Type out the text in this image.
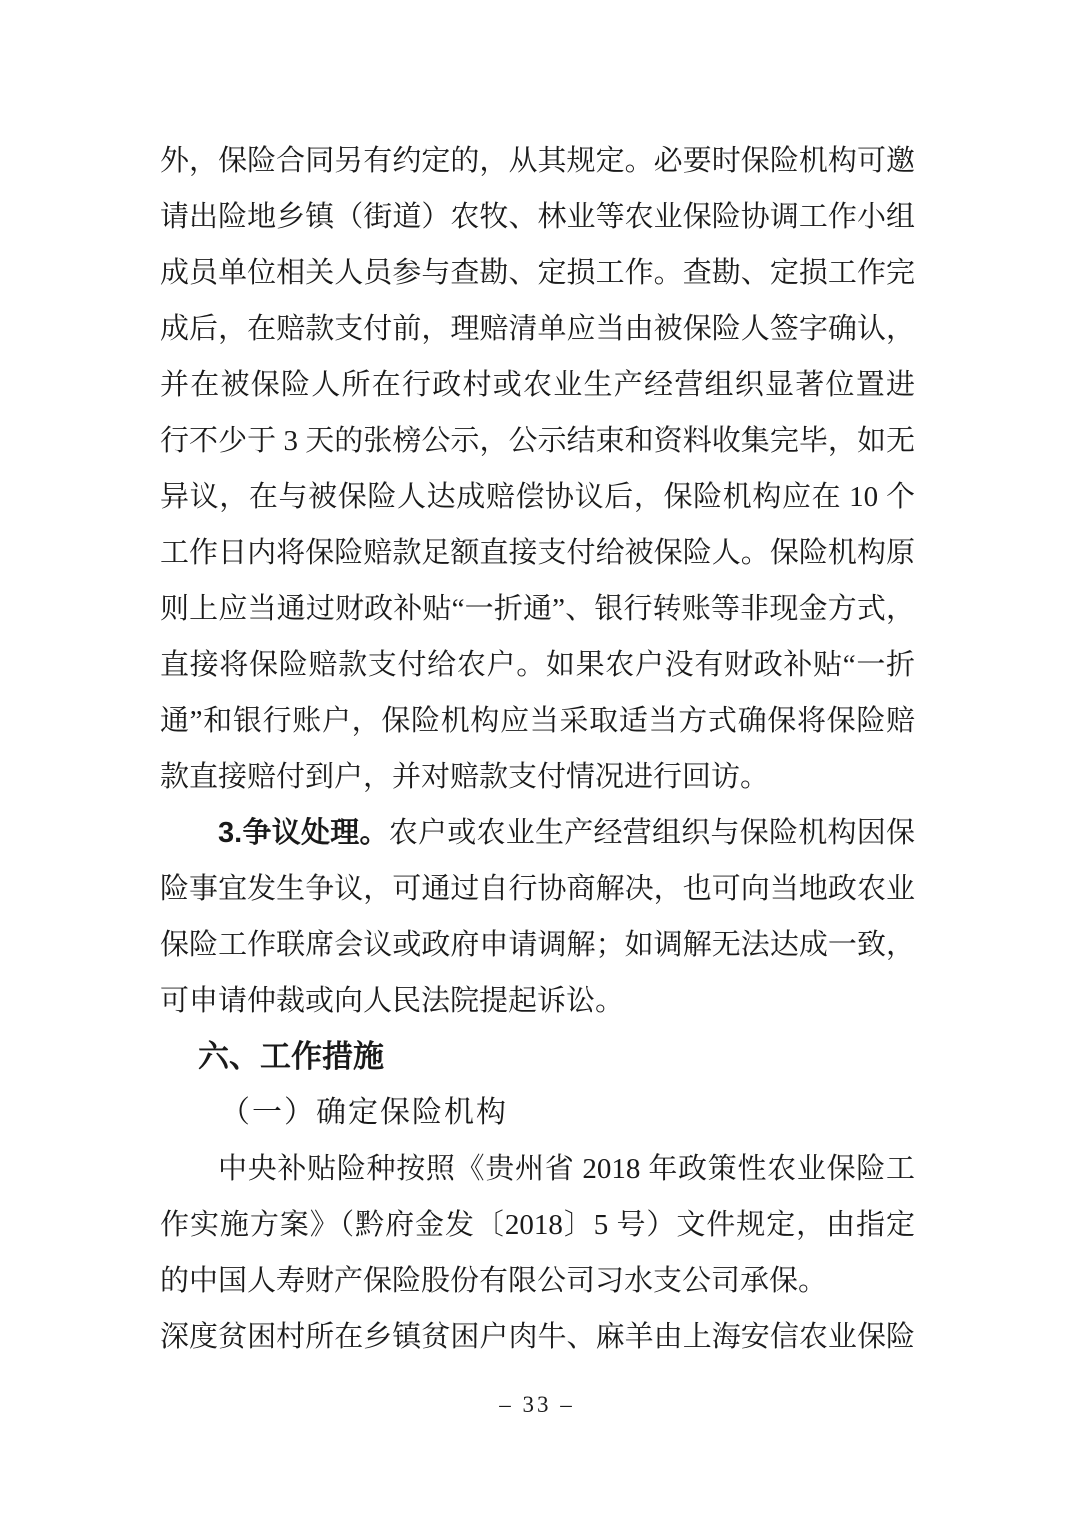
外，保险合同另有约定的，从其规定。必要时保险机构可邀
请出险地乡镇（街道）农牧、林业等农业保险协调工作小组
成员单位相关人员参与查勘、定损工作。查勘、定损工作完
成后，在赔款支付前，理赔清单应当由被保险人签字确认，
并在被保险人所在行政村或农业生产经营组织显著位置进
行不少于 3 天的张榜公示，公示结束和资料收集完毕，如无
异议，在与被保险人达成赔偿协议后，保险机构应在 10 个
工作日内将保险赔款足额直接支付给被保险人。保险机构原
则上应当通过财政补贴“一折通”、银行转账等非现金方式，
直接将保险赔款支付给农户。如果农户没有财政补贴“一折
通”和银行账户，保险机构应当采取适当方式确保将保险赔
款直接赔付到户，并对赔款支付情况进行回访。
3.争议处理。农户或农业生产经营组织与保险机构因保
险事宜发生争议，可通过自行协商解决，也可向当地政农业
保险工作联席会议或政府申请调解；如调解无法达成一致，
可申请仲裁或向人民法院提起诉讼。
六、工作措施
（一）确定保险机构
中央补贴险种按照《贵州省 2018 年政策性农业保险工
作实施方案》（黔府金发〔2018〕5 号）文件规定，由指定
的中国人寿财产保险股份有限公司习水支公司承保。
深度贫困村所在乡镇贫困户肉牛、麻羊由上海安信农业保险
– 33 –
